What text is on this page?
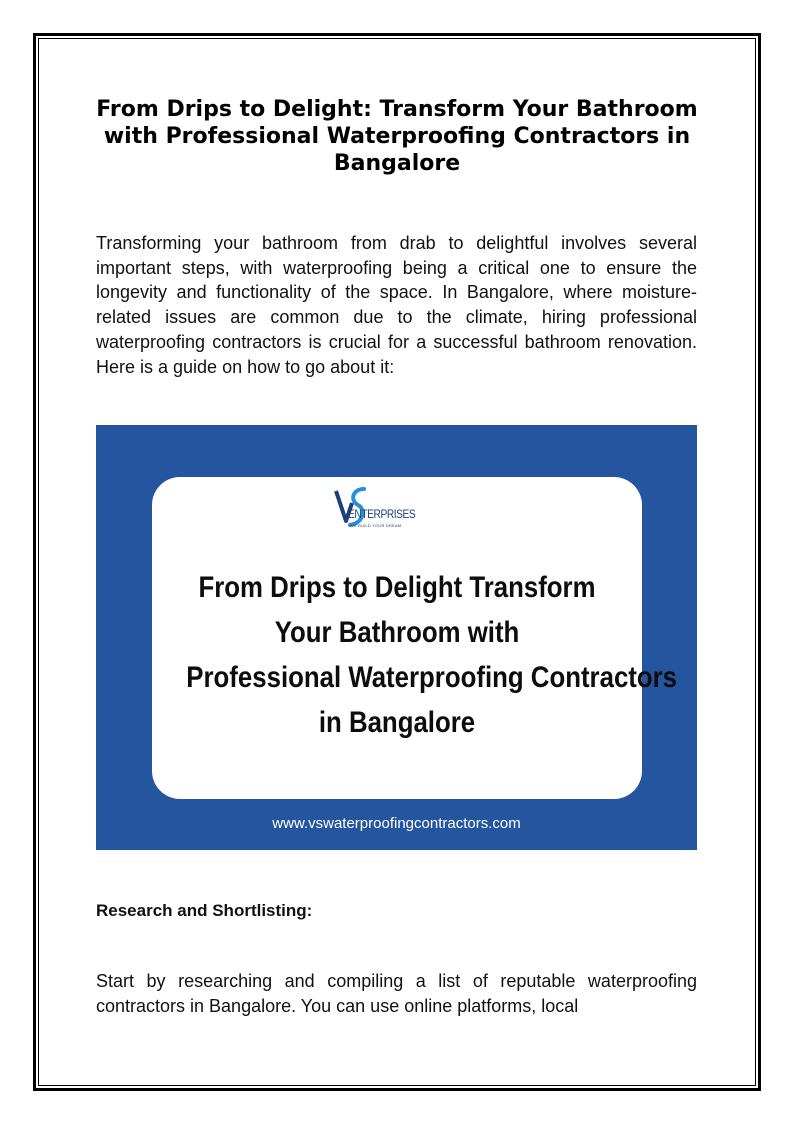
From Drips to Delight: Transform Your Bathroom with Professional Waterproofing Contractors in Bangalore

Transforming your bathroom from drab to delightful involves several important steps, with waterproofing being a critical one to ensure the longevity and functionality of the space. In Bangalore, where moisture-related issues are common due to the climate, hiring professional waterproofing contractors is crucial for a successful bathroom renovation. Here is a guide on how to go about it:

ENTERPRISES
WE BUILD YOUR DREAM
From Drips to Delight Transform
Your Bathroom with
Professional Waterproofing Contractors
in Bangalore
www.vswaterproofingcontractors.com
Research and Shortlisting:

Start by researching and compiling a list of reputable waterproofing contractors in Bangalore. You can use online platforms, local
